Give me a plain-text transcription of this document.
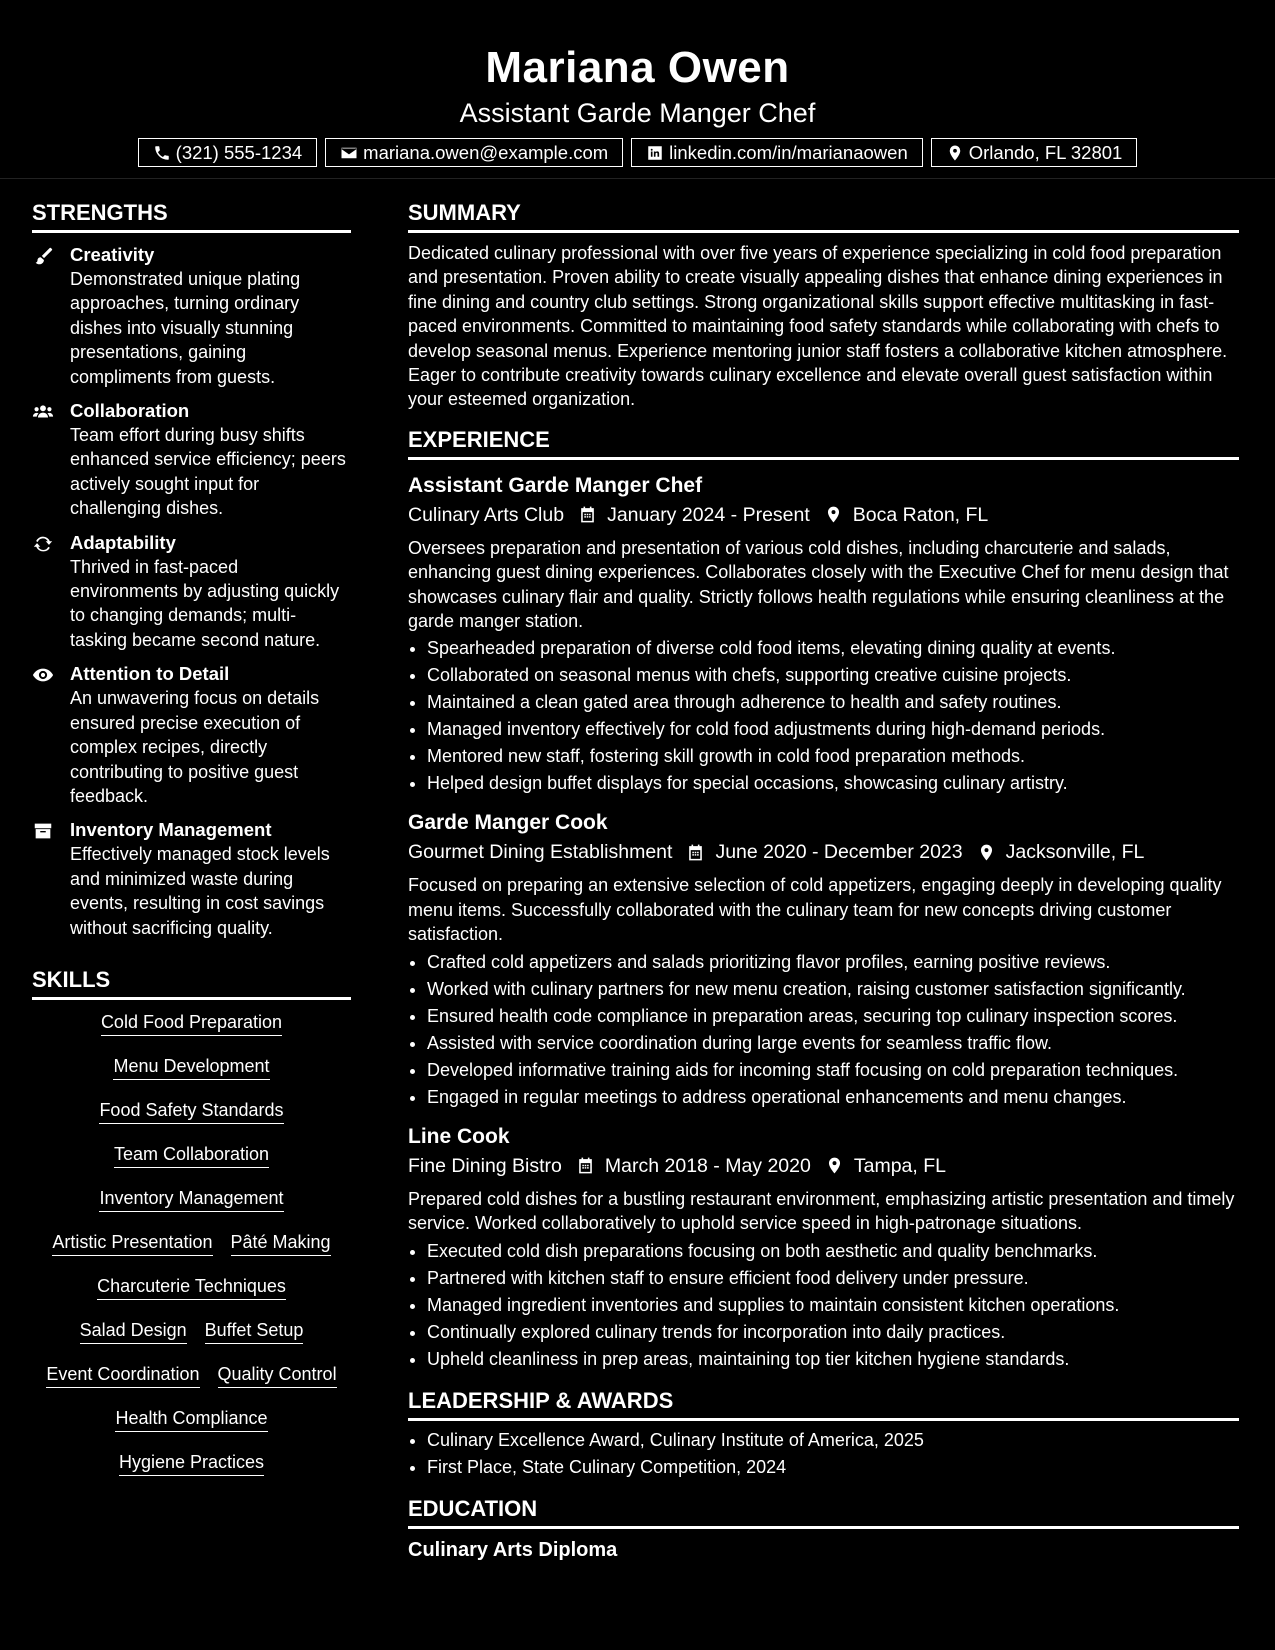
Mariana Owen
Assistant Garde Manger Chef
(321) 555-1234	mariana.owen@example.com	linkedin.com/in/marianaowen	Orlando, FL 32801
STRENGTHS
Creativity
Demonstrated unique plating approaches, turning ordinary dishes into visually stunning presentations, gaining compliments from guests.
Collaboration
Team effort during busy shifts enhanced service efficiency; peers actively sought input for challenging dishes.
Adaptability
Thrived in fast-paced environments by adjusting quickly to changing demands; multi-tasking became second nature.
Attention to Detail
An unwavering focus on details ensured precise execution of complex recipes, directly contributing to positive guest feedback.
Inventory Management
Effectively managed stock levels and minimized waste during events, resulting in cost savings without sacrificing quality.
SKILLS
Cold Food Preparation
Menu Development
Food Safety Standards
Team Collaboration
Inventory Management
Artistic Presentation Pâté Making
Charcuterie Techniques
Salad Design Buffet Setup
Event Coordination Quality Control
Health Compliance
Hygiene Practices
SUMMARY
Dedicated culinary professional with over five years of experience specializing in cold food preparation and presentation. Proven ability to create visually appealing dishes that enhance dining experiences in fine dining and country club settings. Strong organizational skills support effective multitasking in fast-paced environments. Committed to maintaining food safety standards while collaborating with chefs to develop seasonal menus. Experience mentoring junior staff fosters a collaborative kitchen atmosphere. Eager to contribute creativity towards culinary excellence and elevate overall guest satisfaction within your esteemed organization.
EXPERIENCE
Assistant Garde Manger Chef
Culinary Arts Club January 2024 - Present Boca Raton, FL
Oversees preparation and presentation of various cold dishes, including charcuterie and salads, enhancing guest dining experiences. Collaborates closely with the Executive Chef for menu design that showcases culinary flair and quality. Strictly follows health regulations while ensuring cleanliness at the garde manger station.
• Spearheaded preparation of diverse cold food items, elevating dining quality at events.
• Collaborated on seasonal menus with chefs, supporting creative cuisine projects.
• Maintained a clean gated area through adherence to health and safety routines.
• Managed inventory effectively for cold food adjustments during high-demand periods.
• Mentored new staff, fostering skill growth in cold food preparation methods.
• Helped design buffet displays for special occasions, showcasing culinary artistry.
Garde Manger Cook
Gourmet Dining Establishment June 2020 - December 2023 Jacksonville, FL
Focused on preparing an extensive selection of cold appetizers, engaging deeply in developing quality menu items. Successfully collaborated with the culinary team for new concepts driving customer satisfaction.
• Crafted cold appetizers and salads prioritizing flavor profiles, earning positive reviews.
• Worked with culinary partners for new menu creation, raising customer satisfaction significantly.
• Ensured health code compliance in preparation areas, securing top culinary inspection scores.
• Assisted with service coordination during large events for seamless traffic flow.
• Developed informative training aids for incoming staff focusing on cold preparation techniques.
• Engaged in regular meetings to address operational enhancements and menu changes.
Line Cook
Fine Dining Bistro March 2018 - May 2020 Tampa, FL
Prepared cold dishes for a bustling restaurant environment, emphasizing artistic presentation and timely service. Worked collaboratively to uphold service speed in high-patronage situations.
• Executed cold dish preparations focusing on both aesthetic and quality benchmarks.
• Partnered with kitchen staff to ensure efficient food delivery under pressure.
• Managed ingredient inventories and supplies to maintain consistent kitchen operations.
• Continually explored culinary trends for incorporation into daily practices.
• Upheld cleanliness in prep areas, maintaining top tier kitchen hygiene standards.
LEADERSHIP & AWARDS
• Culinary Excellence Award, Culinary Institute of America, 2025
• First Place, State Culinary Competition, 2024
EDUCATION
Culinary Arts Diploma
